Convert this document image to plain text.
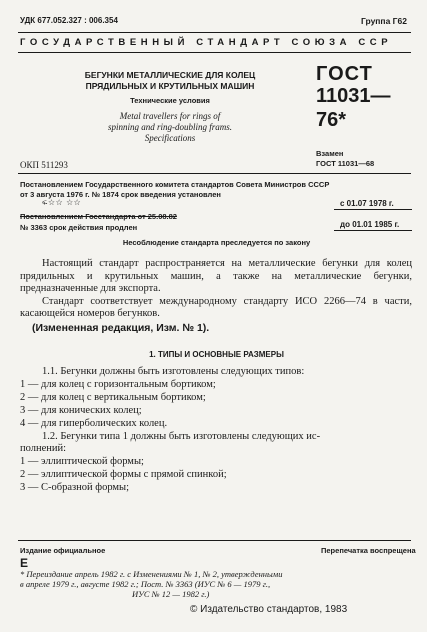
УДК 677.052.327 : 006.354	Группа Г62
ГОСУДАРСТВЕННЫЙ СТАНДАРТ СОЮЗА ССР
БЕГУНКИ МЕТАЛЛИЧЕСКИЕ ДЛЯ КОЛЕЦ
ПРЯДИЛЬНЫХ И КРУТИЛЬНЫХ МАШИН
Технические условия
Metal travellers for rings of
spinning and ring-doubling frams.
Specifications
ГОСТ
11031—76*
Взамен
ГОСТ 11031—68
ОКП 511293
Постановлением Государственного комитета стандартов Совета Министров СССР
от 3 августа 1976 г. № 1874 срок введения установлен
ፍ☆☆ ☆☆	с 01.07 1978 г.
Постановлением Госстандарта от 25.08.82
№ 3363 срок действия продлен	до 01.01 1985 г.
Несоблюдение стандарта преследуется по закону
Настоящий стандарт распространяется на металлические бегунки для колец прядильных и крутильных машин, а также на металлические бегунки, предназначенные для экспорта.
Стандарт соответствует международному стандарту ИСО 2266—74 в части, касающейся номеров бегунков.
(Измененная редакция, Изм. № 1).
1. ТИПЫ И ОСНОВНЫЕ РАЗМЕРЫ

1.1. Бегунки должны быть изготовлены следующих типов:

1 — для колец с горизонтальным бортиком;

2 — для колец с вертикальным бортиком;

3 — для конических колец;

4 — для гиперболических колец.

1.2. Бегунки типа 1 должны быть изготовлены следующих ис-

полнений:

1 — эллиптической формы;

2 — эллиптической формы с прямой спинкой;

3 — С-образной формы;

Издание официальное	Перепечатка воспрещена
Е
* Переиздание апрель 1982 г. с Изменениями № 1, № 2, утвержденными
в апреле 1979 г., августе 1982 г.; Пост. № 3363 (ИУС № 6 — 1979 г.,
ИУС № 12 — 1982 г.)
© Издательство стандартов, 1983
